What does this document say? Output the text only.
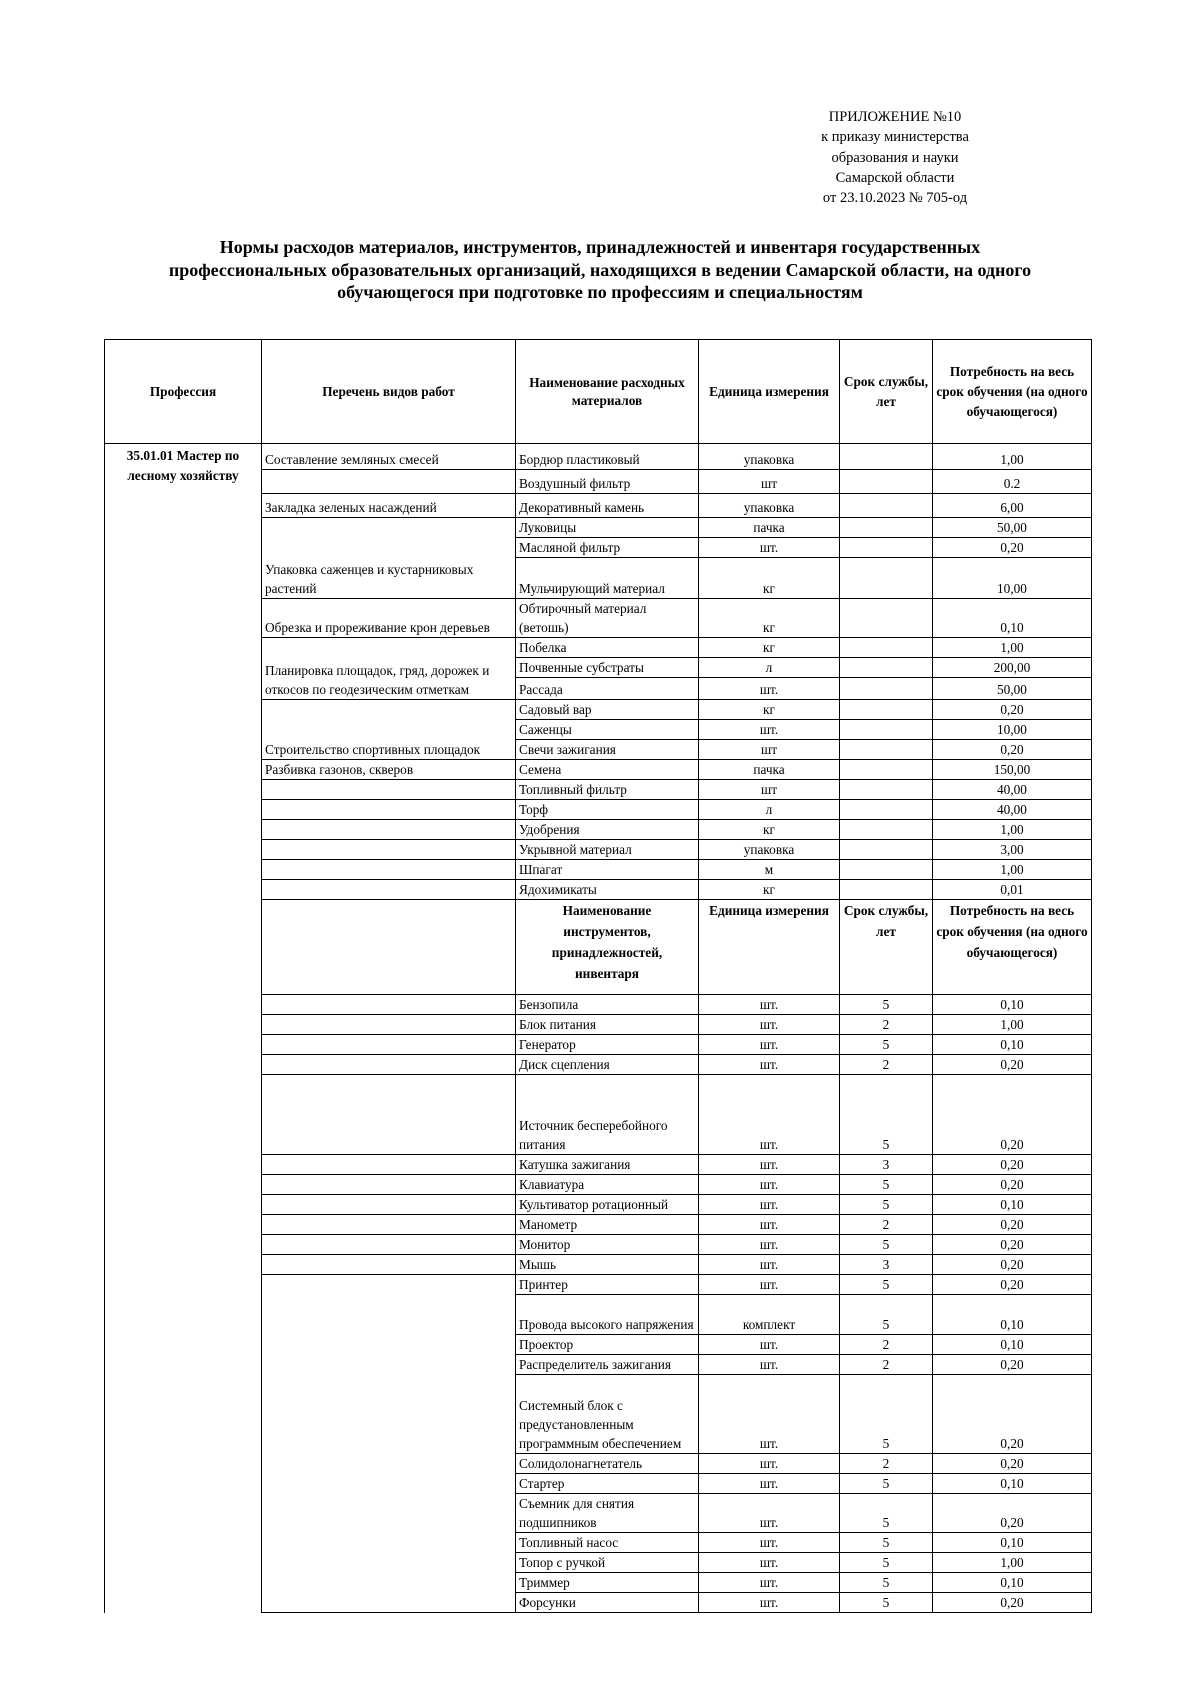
ПРИЛОЖЕНИЕ №10
к приказу министерства
образования и науки
Самарской области
от 23.10.2023 № 705-од
Нормы расходов материалов, инструментов, принадлежностей и инвентаря государственных
профессиональных образовательных организаций, находящихся в ведении Самарской области, на одного
обучающегося при подготовке по профессиям и специальностям
Профессия	Перечень видов работ	Наименование расходных материалов	Единица измерения	Срок службы, лет	Потребность на весь срок обучения (на одного обучающегося)
35.01.01 Мастер по лесному хозяйству	Составление земляных смесей	Бордюр пластиковый	упаковка		1,00
		Воздушный фильтр	шт		0.2
	Закладка зеленых насаждений	Декоративный камень	упаковка		6,00
	Упаковка саженцев и кустарниковых растений	Луковицы	пачка		50,00
		Масляной фильтр	шт.		0,20
		Мульчирующий материал	кг		10,00
	Обрезка и прореживание крон деревьев	Обтирочный материал (ветошь)	кг		0,10
	Планировка площадок, гряд, дорожек и откосов по геодезическим отметкам	Побелка	кг		1,00
		Почвенные субстраты	л		200,00
		Рассада	шт.		50,00
	Строительство спортивных площадок	Садовый вар	кг		0,20
		Саженцы	шт.		10,00
		Свечи зажигания	шт		0,20
	Разбивка газонов, скверов	Семена	пачка		150,00
		Топливный фильтр	шт		40,00
		Торф	л		40,00
		Удобрения	кг		1,00
		Укрывной материал	упаковка		3,00
		Шпагат	м		1,00
		Ядохимикаты	кг		0,01
		Наименование инструментов, принадлежностей, инвентаря	Единица измерения	Срок службы, лет	Потребность на весь срок обучения (на одного обучающегося)
		Бензопила	шт.	5	0,10
		Блок питания	шт.	2	1,00
		Генератор	шт.	5	0,10
		Диск сцепления	шт.	2	0,20
		Источник бесперебойного питания	шт.	5	0,20
		Катушка зажигания	шт.	3	0,20
		Клавиатура	шт.	5	0,20
		Культиватор ротационный	шт.	5	0,10
		Манометр	шт.	2	0,20
		Монитор	шт.	5	0,20
		Мышь	шт.	3	0,20
		Принтер	шт.	5	0,20
		Провода высокого напряжения	комплект	5	0,10
		Проектор	шт.	2	0,10
		Распределитель зажигания	шт.	2	0,20
		Системный блок с предустановленным программным обеспечением	шт.	5	0,20
		Солидолонагнетатель	шт.	2	0,20
		Стартер	шт.	5	0,10
		Съемник для снятия подшипников	шт.	5	0,20
		Топливный насос	шт.	5	0,10
		Топор с ручкой	шт.	5	1,00
		Триммер	шт.	5	0,10
		Форсунки	шт.	5	0,20
